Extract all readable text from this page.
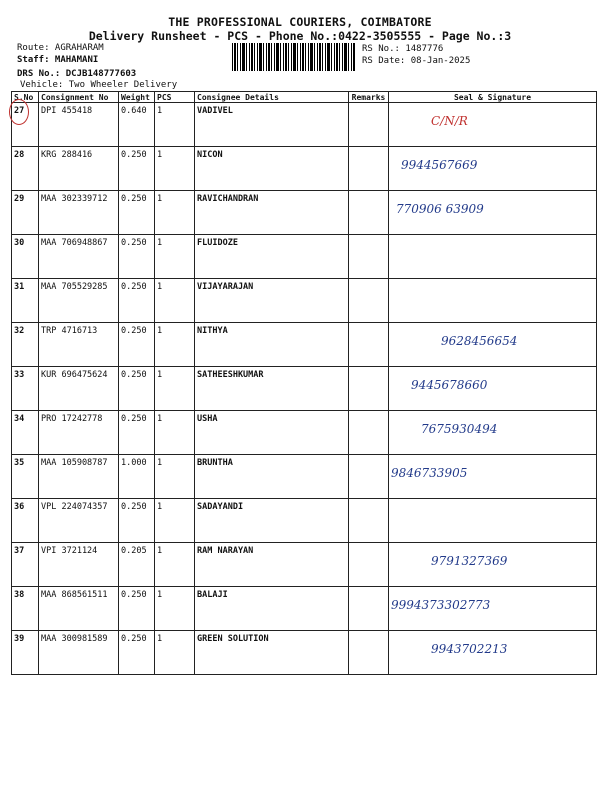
THE PROFESSIONAL COURIERS, COIMBATORE
Delivery Runsheet - PCS - Phone No.:0422-3505555 - Page No.:3
Route: AGRAHARAM
Staff: MAHAMANI
DRS No.: DCJB148777603
Vehicle: Two Wheeler Delivery
RS No.: 1487776
RS Date: 08-Jan-2025
S.No	Consignment No	Weight	PCS	Consignee Details	Remarks	Seal & Signature
27	DPI 455418	0.640	1	VADIVEL		C/N/R
28	KRG 288416	0.250	1	NICON		9944567669
29	MAA 302339712	0.250	1	RAVICHANDRAN		770906 63909
30	MAA 706948867	0.250	1	FLUIDOZE		
31	MAA 705529285	0.250	1	VIJAYARAJAN		
32	TRP 4716713	0.250	1	NITHYA		9628456654
33	KUR 696475624	0.250	1	SATHEESHKUMAR		9445678660
34	PRO 17242778	0.250	1	USHA		7675930494
35	MAA 105908787	1.000	1	BRUNTHA		9846733905
36	VPL 224074357	0.250	1	SADAYANDI		
37	VPI 3721124	0.205	1	RAM NARAYAN		9791327369
38	MAA 868561511	0.250	1	BALAJI		9994373302773
39	MAA 300981589	0.250	1	GREEN SOLUTION		9943702213
